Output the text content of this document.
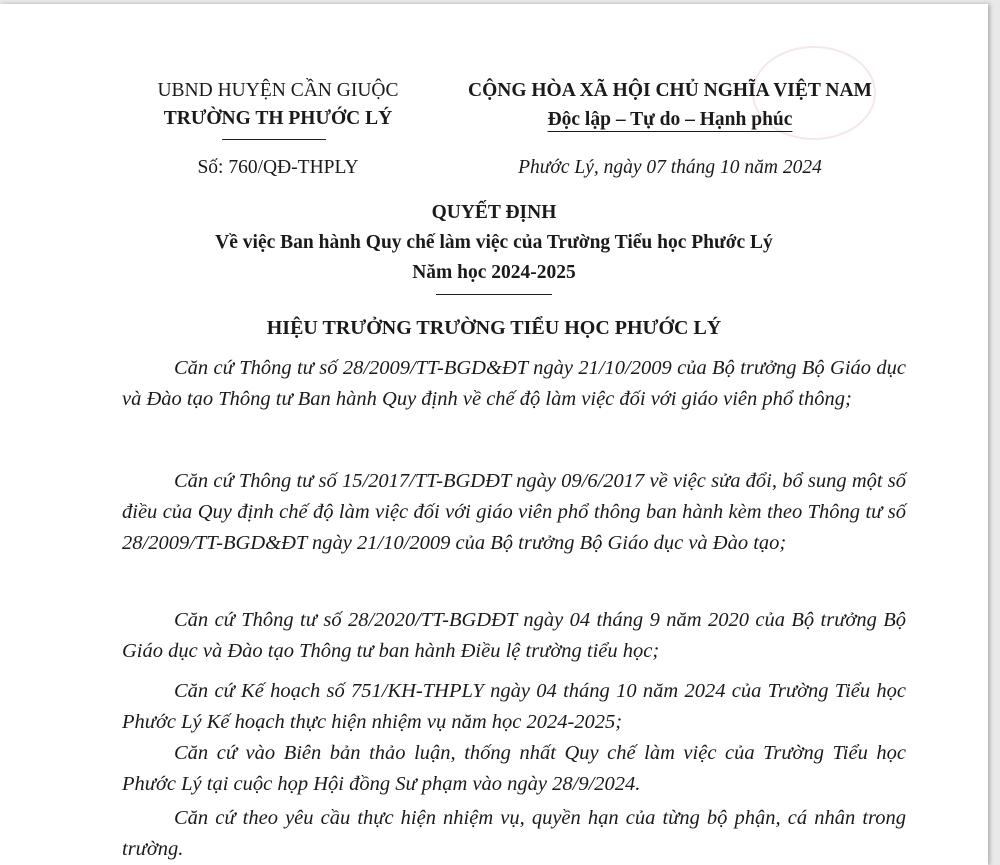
UBND HUYỆN CẦN GIUỘC
TRƯỜNG TH PHƯỚC LÝ
Số: 760/QĐ-THPLY
CỘNG HÒA XÃ HỘI CHỦ NGHĨA VIỆT NAM
Độc lập – Tự do – Hạnh phúc
Phước Lý, ngày 07 tháng 10 năm 2024
QUYẾT ĐỊNH
Về việc Ban hành Quy chế làm việc của Trường Tiểu học Phước Lý
Năm học 2024-2025
HIỆU TRƯỞNG TRƯỜNG TIỂU HỌC PHƯỚC LÝ

Căn cứ Thông tư số 28/2009/TT-BGD&ĐT ngày 21/10/2009 của Bộ trưởng Bộ Giáo dục và Đào tạo Thông tư Ban hành Quy định về chế độ làm việc đối với giáo viên phổ thông;

Căn cứ Thông tư số 15/2017/TT-BGDĐT ngày 09/6/2017 về việc sửa đổi, bổ sung một số điều của Quy định chế độ làm việc đối với giáo viên phổ thông ban hành kèm theo Thông tư số 28/2009/TT-BGD&ĐT ngày 21/10/2009 của Bộ trưởng Bộ Giáo dục và Đào tạo;

Căn cứ Thông tư số 28/2020/TT-BGDĐT ngày 04 tháng 9 năm 2020 của Bộ trưởng Bộ Giáo dục và Đào tạo Thông tư ban hành Điều lệ trường tiểu học;

Căn cứ Kế hoạch số 751/KH-THPLY ngày 04 tháng 10 năm 2024 của Trường Tiểu học Phước Lý Kế hoạch thực hiện nhiệm vụ năm học 2024-2025;

Căn cứ vào Biên bản thảo luận, thống nhất Quy chế làm việc của Trường Tiểu học Phước Lý tại cuộc họp Hội đồng Sư phạm vào ngày 28/9/2024.

Căn cứ theo yêu cầu thực hiện nhiệm vụ, quyền hạn của từng bộ phận, cá nhân trong trường.
